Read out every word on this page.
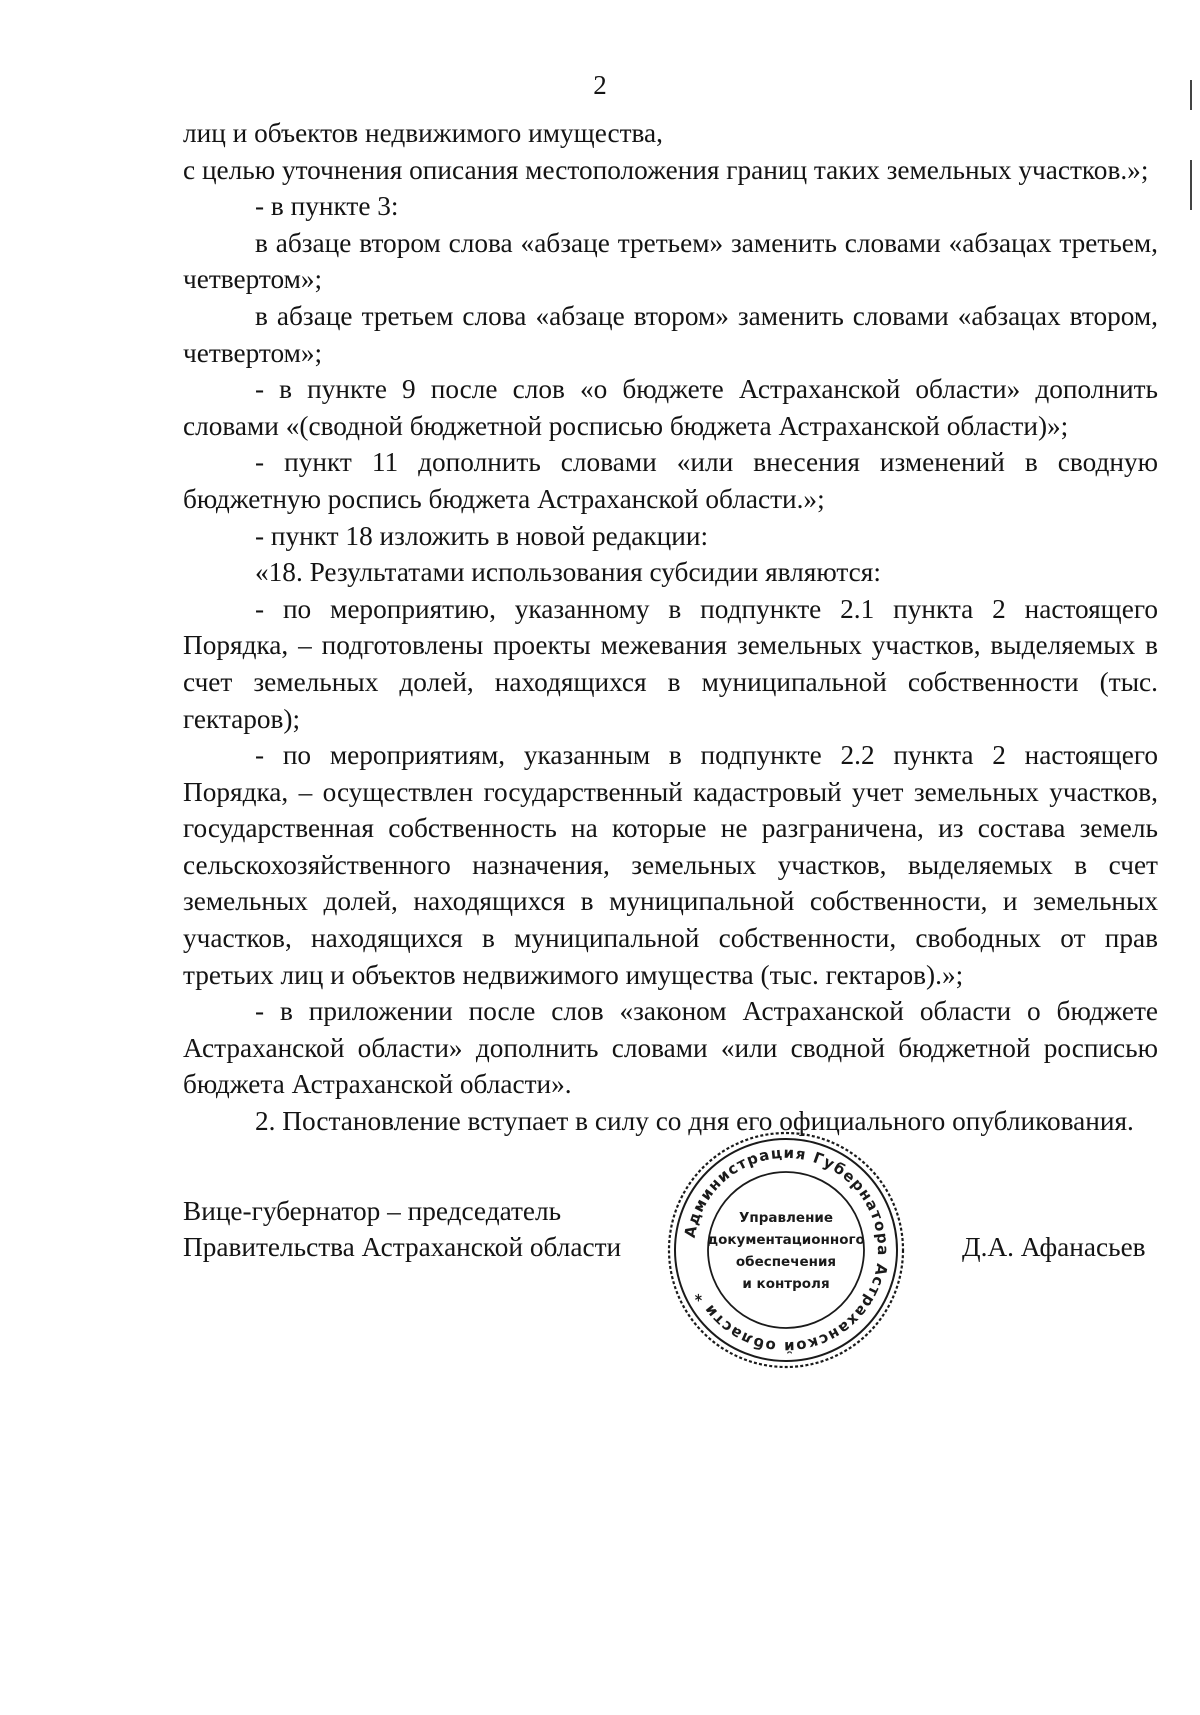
2

лиц и объектов недвижимого имущества,

с целью уточнения описания местоположения границ таких земельных участков.»;

- в пункте 3:

в абзаце втором слова «абзаце третьем» заменить словами «абзацах третьем, четвертом»;

в абзаце третьем слова «абзаце втором» заменить словами «абзацах втором, четвертом»;

- в пункте 9 после слов «о бюджете Астраханской области» дополнить словами «(сводной бюджетной росписью бюджета Астраханской области)»;

- пункт 11 дополнить словами «или внесения изменений в сводную бюджетную роспись бюджета Астраханской области.»;

- пункт 18 изложить в новой редакции:

«18. Результатами использования субсидии являются:

- по мероприятию, указанному в подпункте 2.1 пункта 2 настоящего Порядка, – подготовлены проекты межевания земельных участков, выделяемых в счет земельных долей, находящихся в муниципальной собственности (тыс. гектаров);

- по мероприятиям, указанным в подпункте 2.2 пункта 2 настоящего Порядка, – осуществлен государственный кадастровый учет земельных участков, государственная собственность на которые не разграничена, из состава земель сельскохозяйственного назначения, земельных участков, выделяемых в счет земельных долей, находящихся в муниципальной собственности, и земельных участков, находящихся в муниципальной собственности, свободных от прав третьих лиц и объектов недвижимого имущества (тыс. гектаров).»;

- в приложении после слов «законом Астраханской области о бюджете Астраханской области» дополнить словами «или сводной бюджетной росписью бюджета Астраханской области».

2. Постановление вступает в силу со дня его официального опубликования.

Вице-губернатор – председатель
Правительства Астраханской области	Д.А. Афанасьев
Администрация Губернатора Астраханской области *
Управление
документационного
обеспечения
и контроля
